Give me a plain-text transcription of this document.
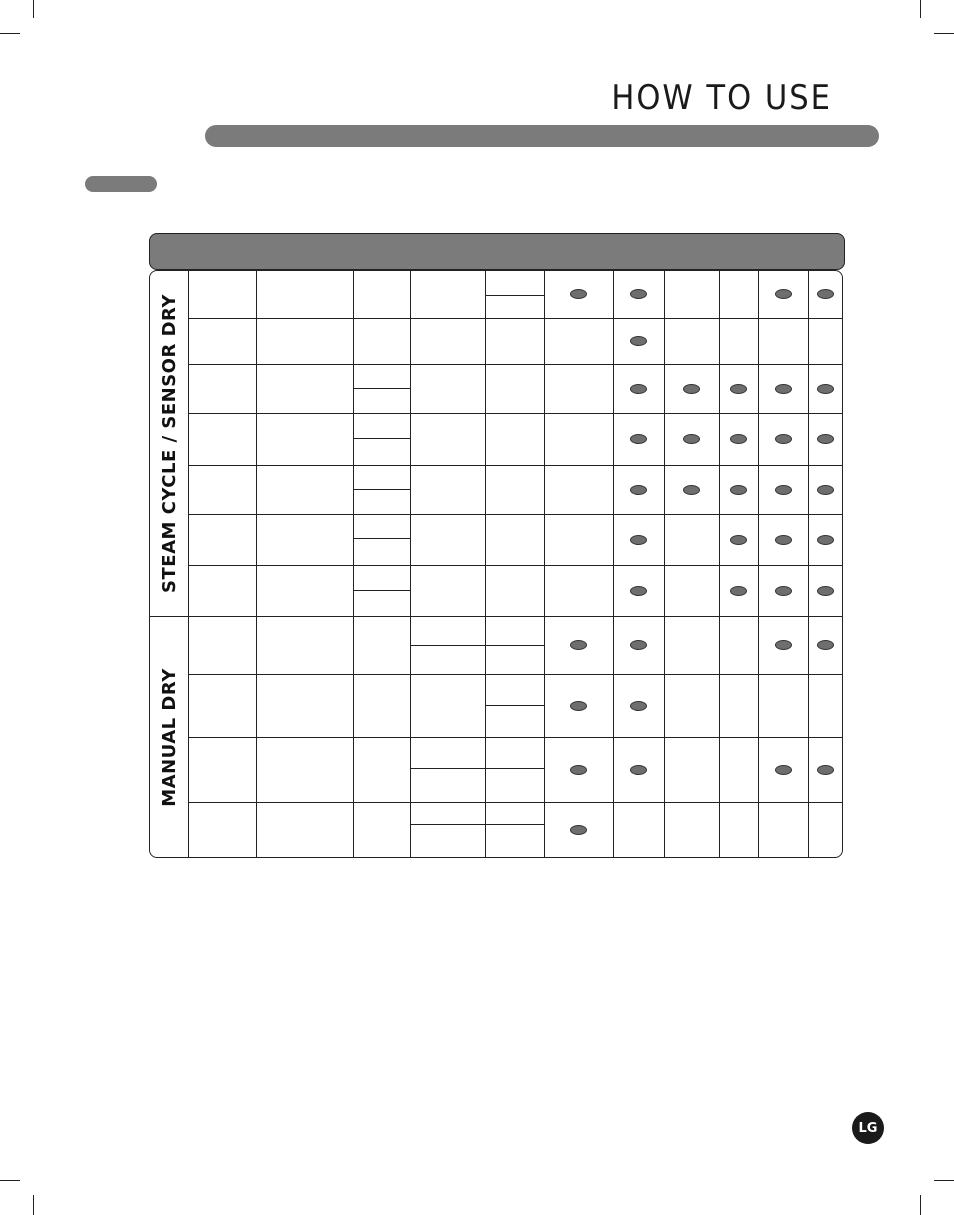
HOW TO USE
STEAM CYCLE / SENSOR DRY
MANUAL DRY
LG
